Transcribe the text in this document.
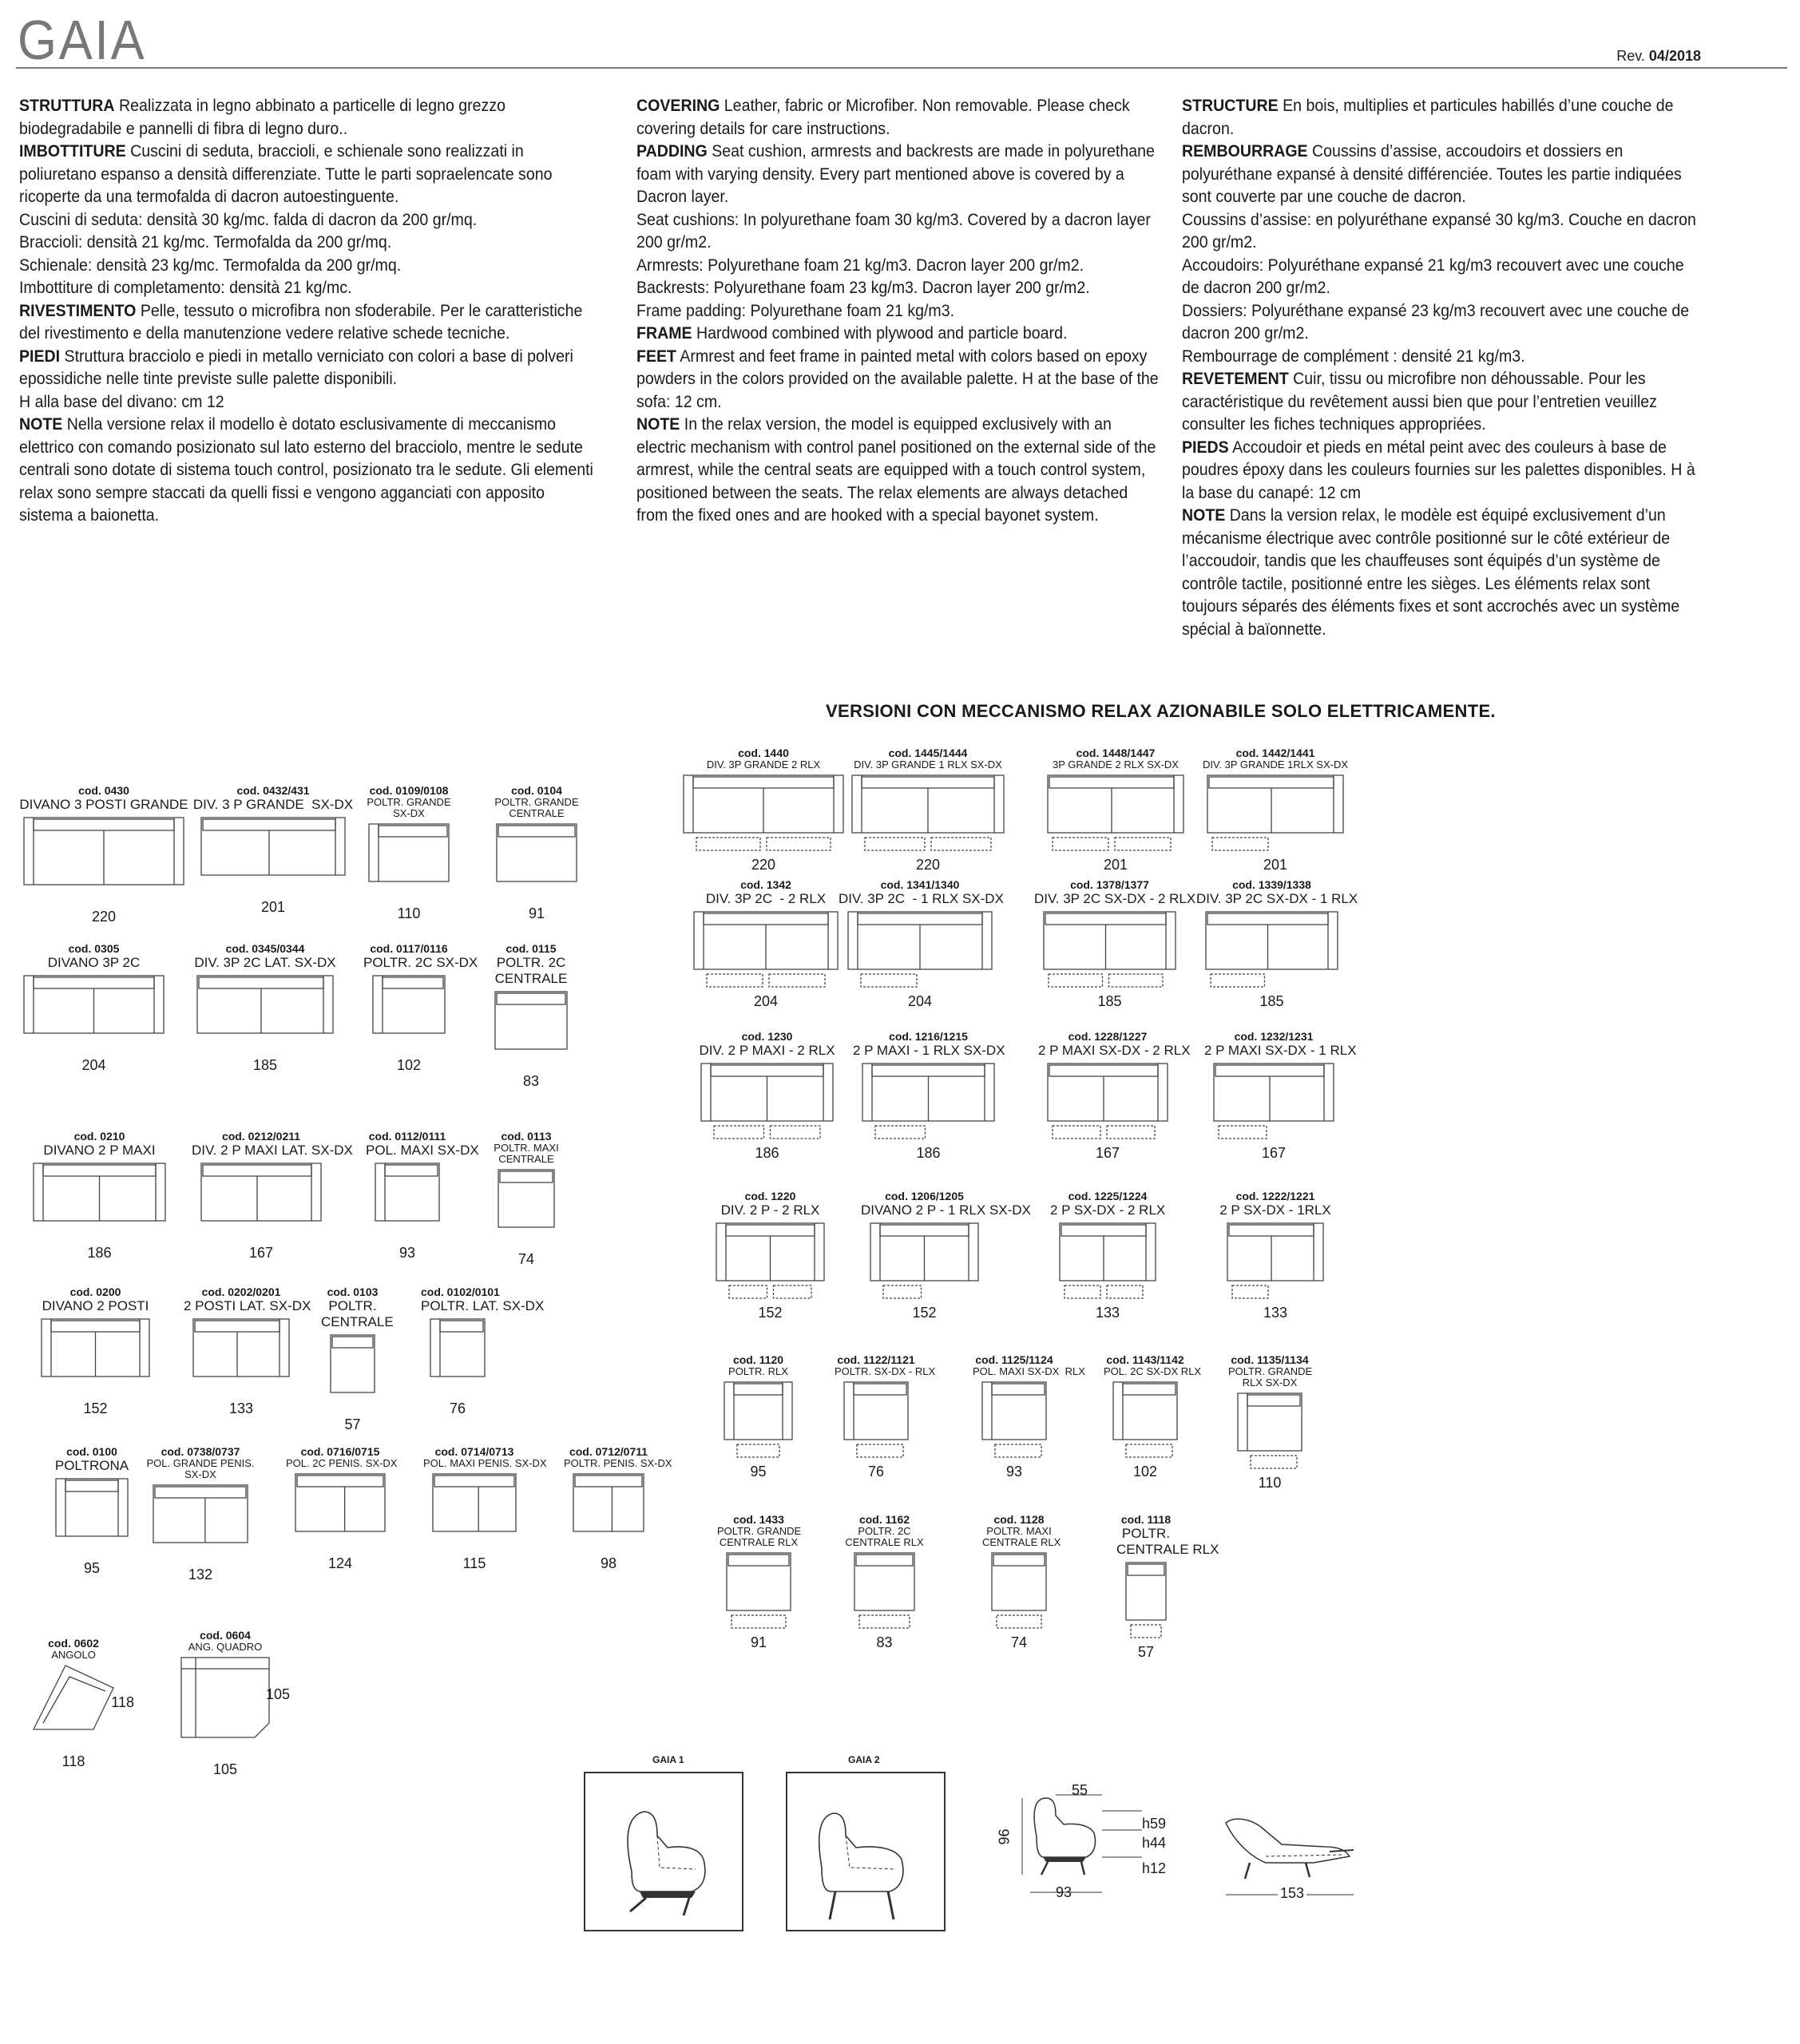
GAIA	Rev. 04/2018

STRUTTURA Realizzata in legno abbinato a particelle di legno grezzo biodegradabile e pannelli di fibra di legno duro..

IMBOTTITURE Cuscini di seduta, braccioli, e schienale sono realizzati in poliuretano espanso a densità differenziate. Tutte le parti sopraelencate sono ricoperte da una termofalda di dacron autoestinguente.

Cuscini di seduta: densità 30 kg/mc. falda di dacron da 200 gr/mq.

Braccioli: densità 21 kg/mc. Termofalda da 200 gr/mq.

Schienale: densità 23 kg/mc. Termofalda da 200 gr/mq.

Imbottiture di completamento: densità 21 kg/mc.

RIVESTIMENTO Pelle, tessuto o microfibra non sfoderabile. Per le caratteristiche del rivestimento e della manutenzione vedere relative schede tecniche.

PIEDI Struttura bracciolo e piedi in metallo verniciato con colori a base di polveri epossidiche nelle tinte previste sulle palette disponibili.

H alla base del divano: cm 12

NOTE Nella versione relax il modello è dotato esclusivamente di meccanismo elettrico con comando posizionato sul lato esterno del bracciolo, mentre le sedute centrali sono dotate di sistema touch control, posizionato tra le sedute. Gli elementi relax sono sempre staccati da quelli fissi e vengono agganciati con apposito sistema a baionetta.

COVERING Leather, fabric or Microfiber. Non removable. Please check covering details for care instructions.

PADDING Seat cushion, armrests and backrests are made in polyurethane foam with varying density. Every part mentioned above is covered by a Dacron layer.

Seat cushions: In polyurethane foam 30 kg/m3. Covered by a dacron layer 200 gr/m2.

Armrests: Polyurethane foam 21 kg/m3. Dacron layer 200 gr/m2.

Backrests: Polyurethane foam 23 kg/m3. Dacron layer 200 gr/m2.

Frame padding: Polyurethane foam 21 kg/m3.

FRAME Hardwood combined with plywood and particle board.

FEET Armrest and feet frame in painted metal with colors based on epoxy powders in the colors provided on the available palette. H at the base of the sofa: 12 cm.

NOTE In the relax version, the model is equipped exclusively with an electric mechanism with control panel positioned on the external side of the armrest, while the central seats are equipped with a touch control system, positioned between the seats. The relax elements are always detached from the fixed ones and are hooked with a special bayonet system.

STRUCTURE En bois, multiplies et particules habillés d’une couche de dacron.

REMBOURRAGE Coussins d’assise, accoudoirs et dossiers en polyuréthane expansé à densité différenciée. Toutes les partie indiquées sont couverte par une couche de dacron.

Coussins d’assise: en polyuréthane expansé 30 kg/m3. Couche en dacron 200 gr/m2.

Accoudoirs: Polyuréthane expansé 21 kg/m3 recouvert avec une couche de dacron 200 gr/m2.

Dossiers: Polyuréthane expansé 23 kg/m3 recouvert avec une couche de dacron 200 gr/m2.

Rembourrage de complément : densité 21 kg/m3.

REVETEMENT Cuir, tissu ou microfibre non déhoussable. Pour les caractéristique du revêtement aussi bien que pour l’entretien veuillez consulter les fiches techniques appropriées.

PIEDS Accoudoir et pieds en métal peint avec des couleurs à base de poudres époxy dans les couleurs fournies sur les palettes disponibles. H à la base du canapé: 12 cm

NOTE Dans la version relax, le modèle est équipé exclusivement d’un mécanisme électrique avec contrôle positionné sur le côté extérieur de l’accoudoir, tandis que les chauffeuses sont équipés d’un système de contrôle tactile, positionné entre les sièges. Les éléments relax sont toujours séparés des éléments fixes et sont accrochés avec un système spécial à baïonnette.

VERSIONI CON MECCANISMO RELAX AZIONABILE SOLO ELETTRICAMENTE.
cod. 0430
DIVANO 3 POSTI GRANDE
220
cod. 0432/431
DIV. 3 P GRANDE  SX-DX
201
cod. 0109/0108
POLTR. GRANDE
SX-DX
110
cod. 0104
POLTR. GRANDE
CENTRALE
91
cod. 0305
DIVANO 3P 2C
204
cod. 0345/0344
DIV. 3P 2C LAT. SX-DX
185
cod. 0117/0116
POLTR. 2C SX-DX
102
cod. 0115
POLTR. 2C
CENTRALE
83
cod. 0210
DIVANO 2 P MAXI
186
cod. 0212/0211
DIV. 2 P MAXI LAT. SX-DX
167
cod. 0112/0111
POL. MAXI SX-DX
93
cod. 0113
POLTR. MAXI
CENTRALE
74
cod. 0200
DIVANO 2 POSTI
152
cod. 0202/0201
2 POSTI LAT. SX-DX
133
cod. 0103
POLTR.
CENTRALE
57
cod. 0102/0101
POLTR. LAT. SX-DX
76
cod. 0100
POLTRONA
95
cod. 0738/0737
POL. GRANDE PENIS.
SX-DX
132
cod. 0716/0715
POL. 2C PENIS. SX-DX
124
cod. 0714/0713
POL. MAXI PENIS. SX-DX
115
cod. 0712/0711
POLTR. PENIS. SX-DX
98
cod. 0602
ANGOLO
118
118
cod. 0604
ANG. QUADRO
105
105
cod. 1440
DIV. 3P GRANDE 2 RLX
220
cod. 1445/1444
DIV. 3P GRANDE 1 RLX SX-DX
220
cod. 1448/1447
3P GRANDE 2 RLX SX-DX
201
cod. 1442/1441
DIV. 3P GRANDE 1RLX SX-DX
201
cod. 1342
DIV. 3P 2C  - 2 RLX
204
cod. 1341/1340
DIV. 3P 2C  - 1 RLX SX-DX
204
cod. 1378/1377
DIV. 3P 2C SX-DX - 2 RLX
185
cod. 1339/1338
DIV. 3P 2C SX-DX - 1 RLX
185
cod. 1230
DIV. 2 P MAXI - 2 RLX
186
cod. 1216/1215
2 P MAXI - 1 RLX SX-DX
186
cod. 1228/1227
2 P MAXI SX-DX - 2 RLX
167
cod. 1232/1231
2 P MAXI SX-DX - 1 RLX
167
cod. 1220
DIV. 2 P - 2 RLX
152
cod. 1206/1205
DIVANO 2 P - 1 RLX SX-DX
152
cod. 1225/1224
2 P SX-DX - 2 RLX
133
cod. 1222/1221
2 P SX-DX - 1RLX
133
cod. 1120
POLTR. RLX
95
cod. 1122/1121
POLTR. SX-DX - RLX
76
cod. 1125/1124
POL. MAXI SX-DX  RLX
93
cod. 1143/1142
POL. 2C SX-DX RLX
102
cod. 1135/1134
POLTR. GRANDE
RLX SX-DX
110
cod. 1433
POLTR. GRANDE
CENTRALE RLX
91
cod. 1162
POLTR. 2C
CENTRALE RLX
83
cod. 1128
POLTR. MAXI
CENTRALE RLX
74
cod. 1118
POLTR.
CENTRALE RLX
57
GAIA 1	GAIA 2
93
55
96
h59
h44
h12
153
